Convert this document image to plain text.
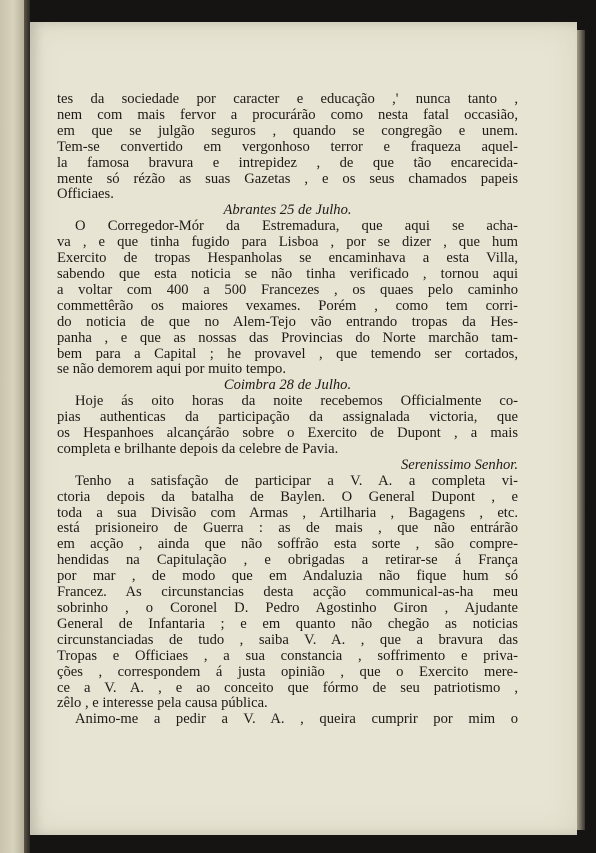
tes da sociedade por caracter e educação ,' nunca tanto ,
nem com mais fervor a procurárão como nesta fatal occasião,
em que se julgão seguros , quando se congregão e unem.
Tem-se convertido em vergonhoso terror e fraqueza aquel-
la famosa bravura e intrepidez , de que tão encarecida-
mente só rézão as suas Gazetas , e os seus chamados papeis
Officiaes.
Abrantes 25 de Julho.
O Corregedor-Mór da Estremadura, que aqui se acha-
va , e que tinha fugido para Lisboa , por se dizer , que hum
Exercito de tropas Hespanholas se encaminhava a esta Villa,
sabendo que esta noticia se não tinha verificado , tornou aqui
a voltar com 400 a 500 Francezes , os quaes pelo caminho
commettêrão os maiores vexames. Porém , como tem corri-
do noticia de que no Alem-Tejo vão entrando tropas da Hes-
panha , e que as nossas das Provincias do Norte marchão tam-
bem para a Capital ; he provavel , que temendo ser cortados,
se não demorem aqui por muito tempo.
Coimbra 28 de Julho.
Hoje ás oito horas da noite recebemos Officialmente co-
pias authenticas da participação da assignalada victoria, que
os Hespanhoes alcançárão sobre o Exercito de Dupont , a mais
completa e brilhante depois da celebre de Pavia.
Serenissimo Senhor.
Tenho a satisfação de participar a V. A. a completa vi-
ctoria depois da batalha de Baylen. O General Dupont , e
toda a sua Divisão com Armas , Artilharia , Bagagens , etc.
está prisioneiro de Guerra : as de mais , que não entrárão
em acção , ainda que não soffrão esta sorte , são compre-
hendidas na Capitulação , e obrigadas a retirar-se á França
por mar , de modo que em Andaluzia não fique hum só
Francez. As circunstancias desta acção communical-as-ha meu
sobrinho , o Coronel D. Pedro Agostinho Giron , Ajudante
General de Infantaria ; e em quanto não chegão as noticias
circunstanciadas de tudo , saiba V. A. , que a bravura das
Tropas e Officiaes , a sua constancia , soffrimento e priva-
ções , correspondem á justa opinião , que o Exercito mere-
ce a V. A. , e ao conceito que fórmo de seu patriotismo ,
zêlo , e interesse pela causa pública.
Animo-me a pedir a V. A. , queira cumprir por mim o
